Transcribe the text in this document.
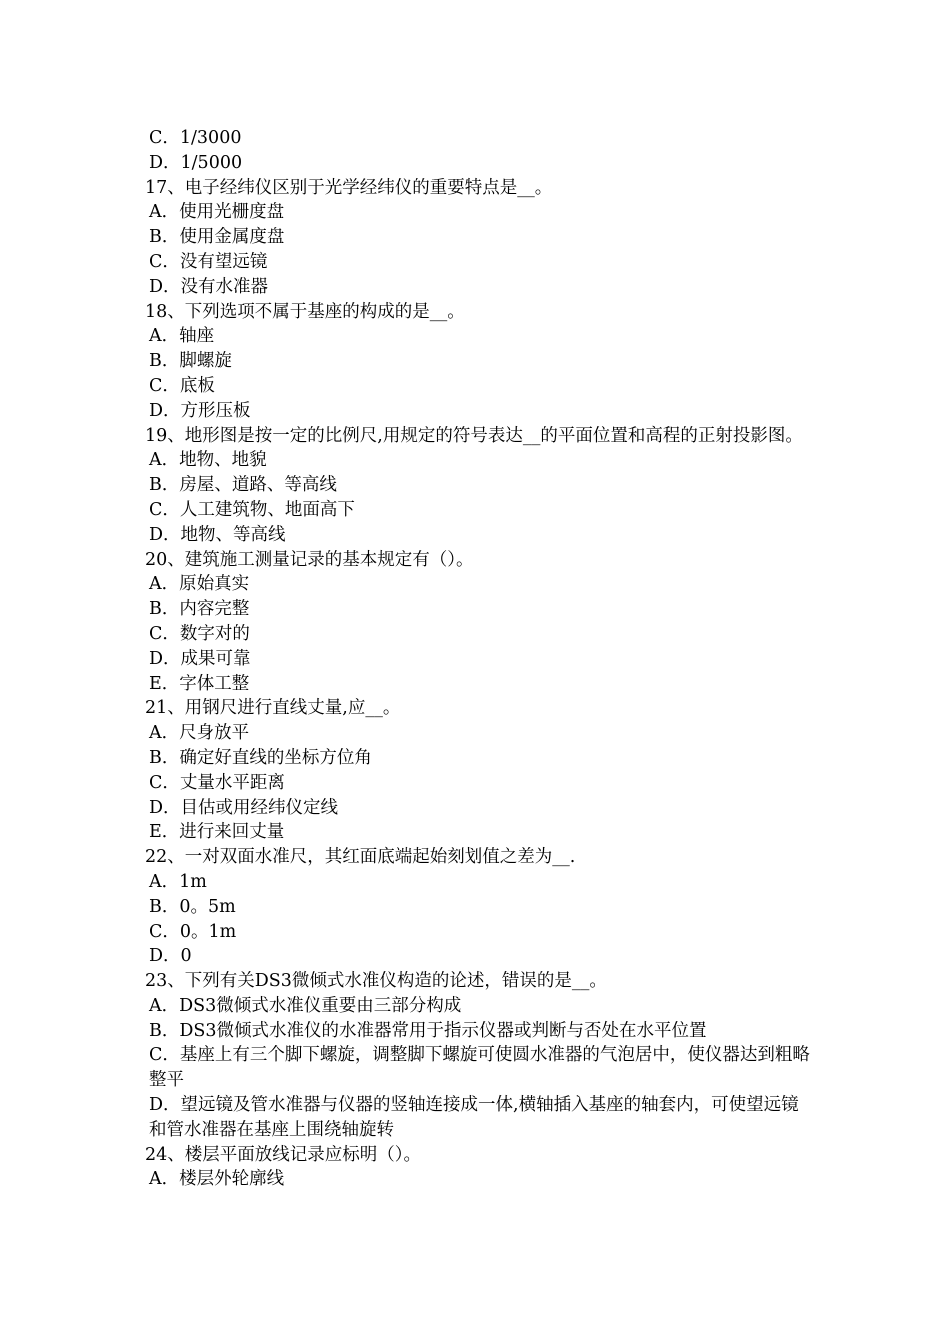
C．1/3000

D．1/5000

17、电子经纬仪区别于光学经纬仪的重要特点是__。

A．使用光栅度盘

B．使用金属度盘

C．没有望远镜

D．没有水准器

18、下列选项不属于基座的构成的是__。

A．轴座

B．脚螺旋

C．底板

D．方形压板

19、地形图是按一定的比例尺,用规定的符号表达__的平面位置和高程的正射投影图。

A．地物、地貌

B．房屋、道路、等高线

C．人工建筑物、地面高下

D．地物、等高线

20、建筑施工测量记录的基本规定有（）。

A．原始真实

B．内容完整

C．数字对的

D．成果可靠

E．字体工整

21、用钢尺进行直线丈量,应__。

A．尺身放平

B．确定好直线的坐标方位角

C．丈量水平距离

D．目估或用经纬仪定线

E．进行来回丈量

22、一对双面水准尺，其红面底端起始刻划值之差为__.

A．1m

B．0。5m

C．0。1m

D．0

23、下列有关DS3微倾式水准仪构造的论述，错误的是__。

A．DS3微倾式水准仪重要由三部分构成

B．DS3微倾式水准仪的水准器常用于指示仪器或判断与否处在水平位置

C．基座上有三个脚下螺旋，调整脚下螺旋可使圆水准器的气泡居中，使仪器达到粗略整平

D．望远镜及管水准器与仪器的竖轴连接成一体,横轴插入基座的轴套内，可使望远镜和管水准器在基座上围绕轴旋转

24、楼层平面放线记录应标明（）。

A．楼层外轮廓线
